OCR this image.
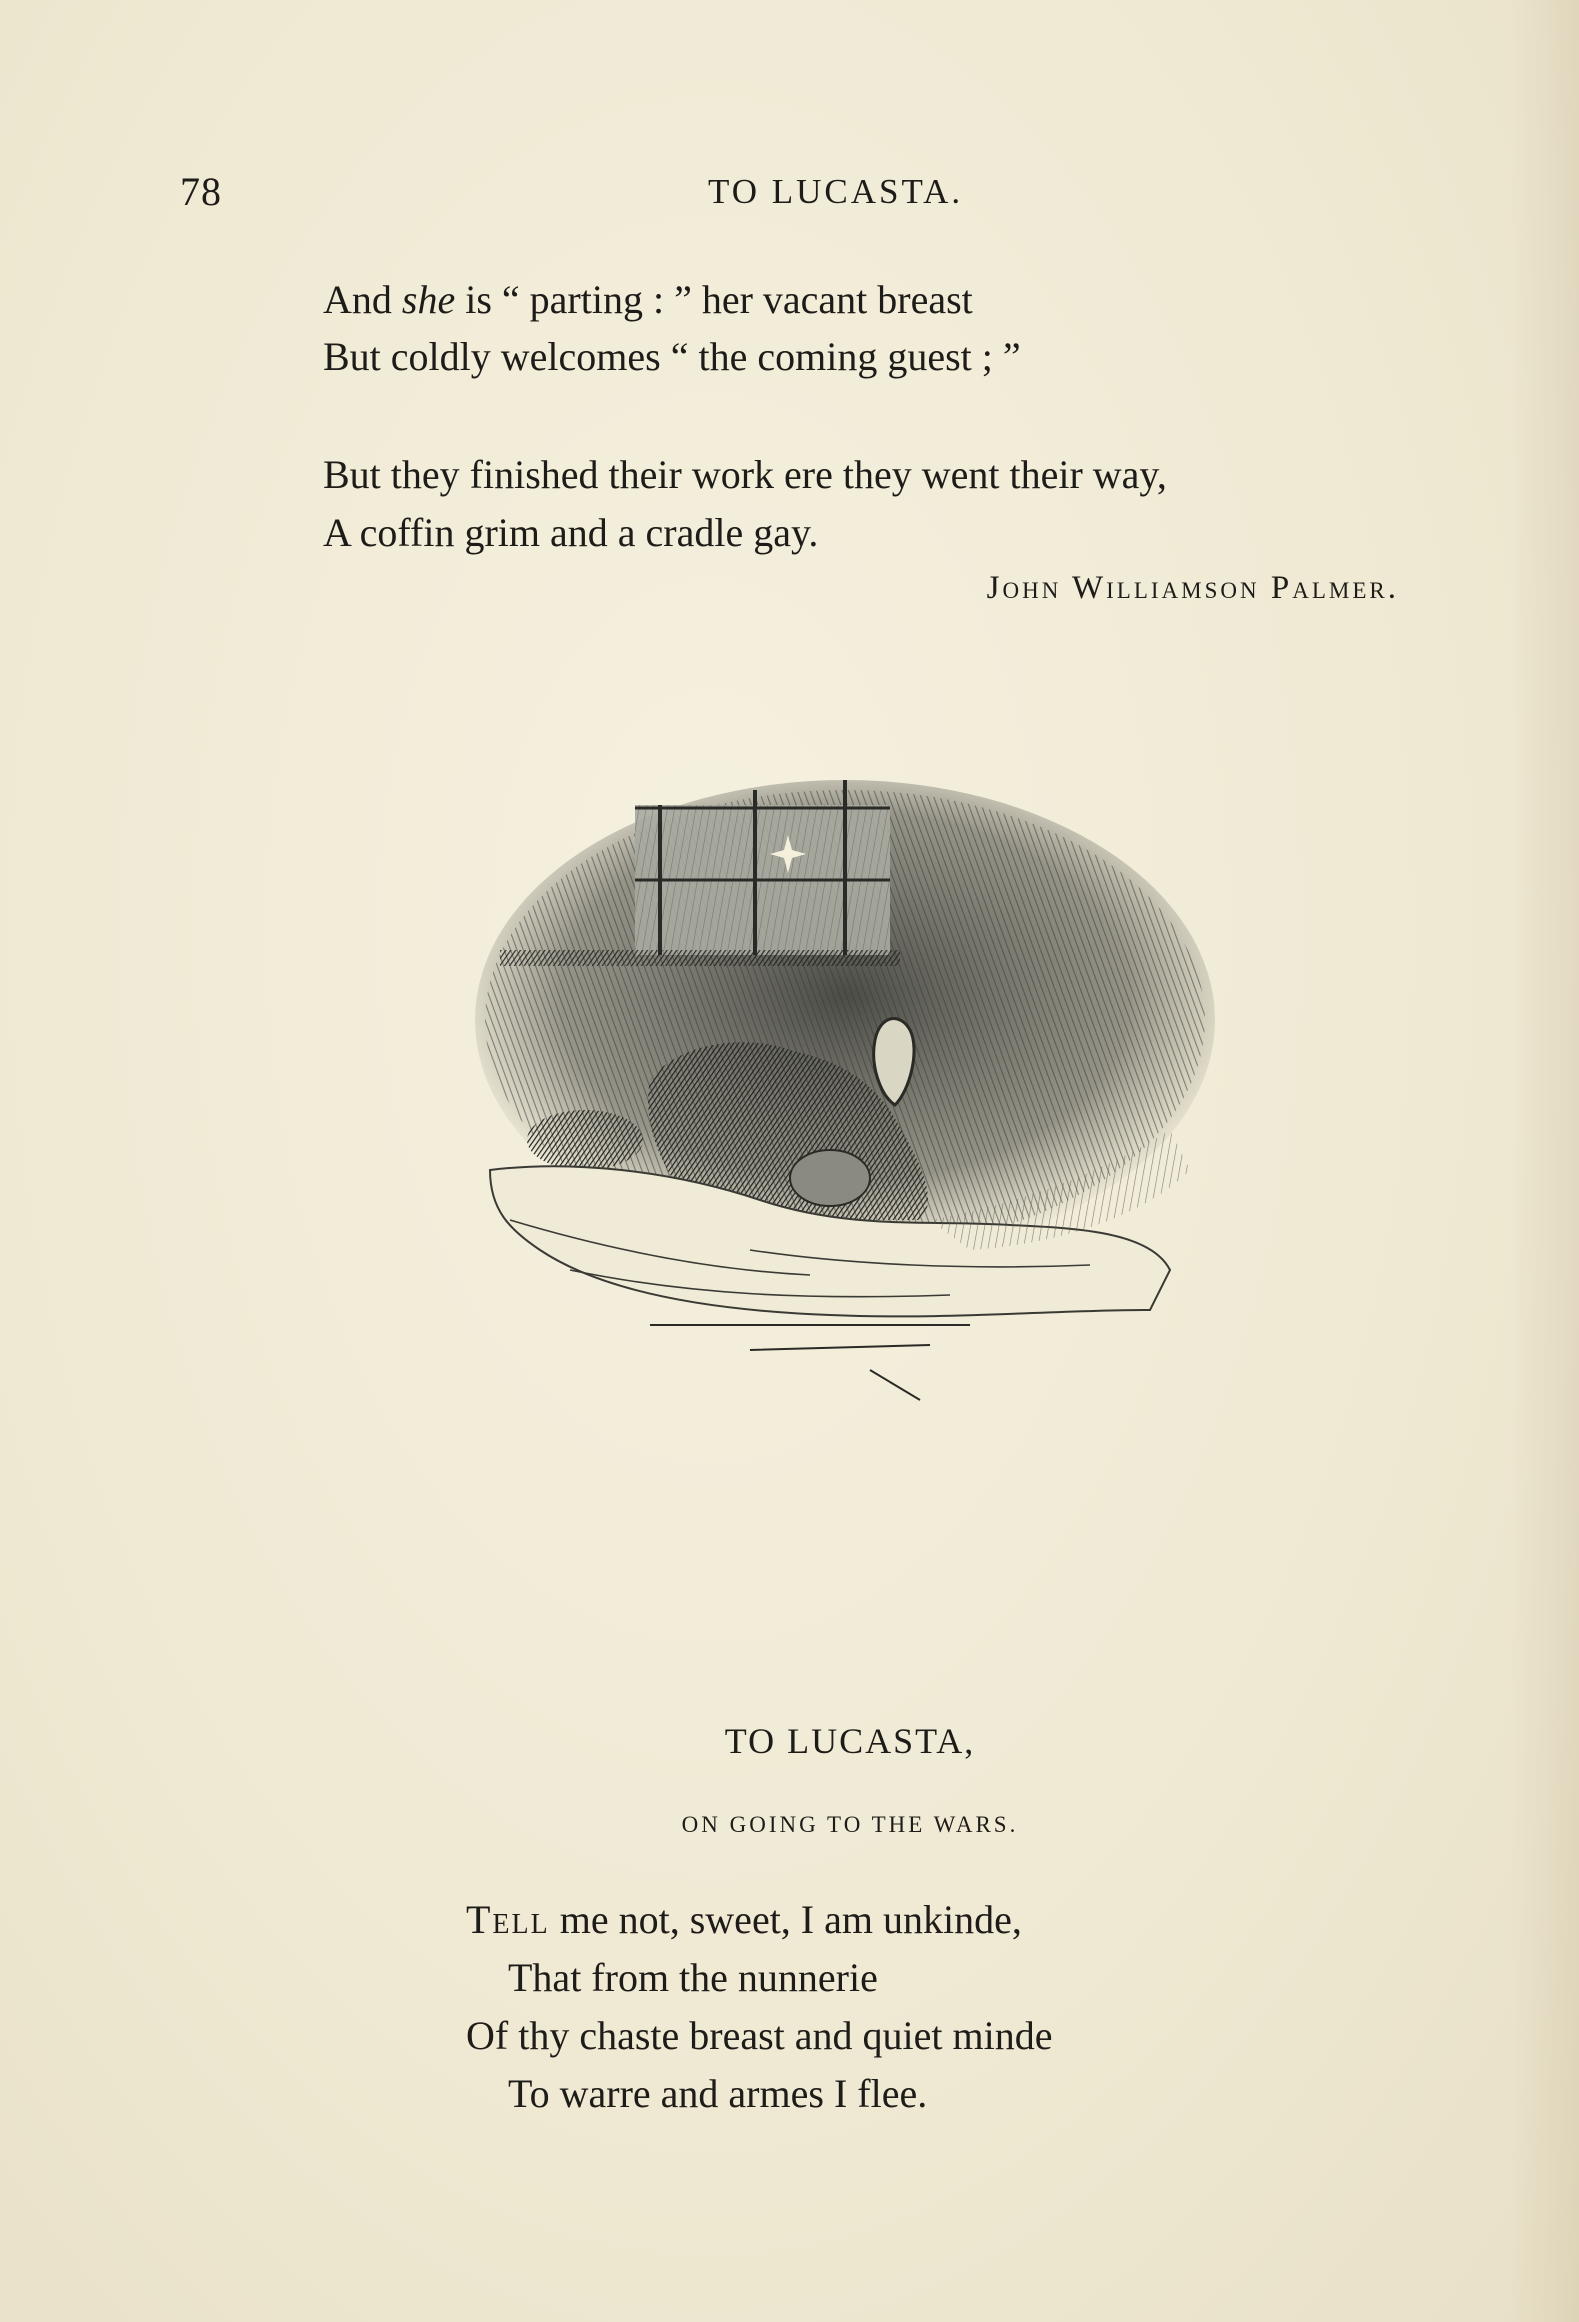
78	TO LUCASTA.
And she is “ parting : ” her vacant breast
But coldly welcomes “ the coming guest ; ”
But they finished their work ere they went their way,
A coffin grim and a cradle gay.
John Williamson Palmer.
TO LUCASTA,
ON GOING TO THE WARS.
Tell me not, sweet, I am unkinde,
That from the nunnerie
Of thy chaste breast and quiet minde
To warre and armes I flee.
